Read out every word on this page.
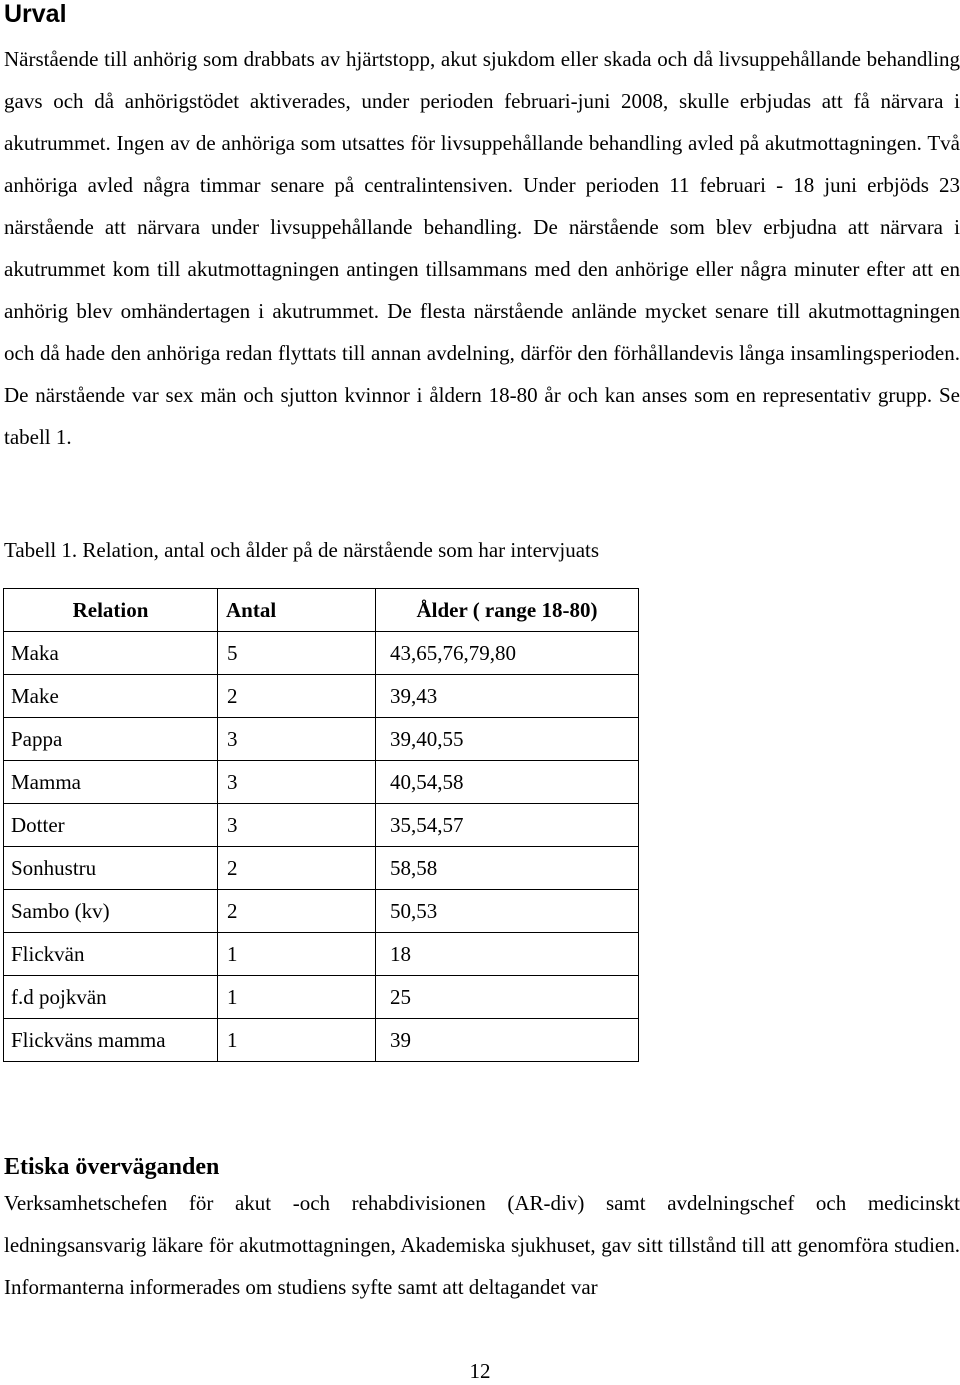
Urval

Närstående till anhörig som drabbats av hjärtstopp, akut sjukdom eller skada och då livsuppehållande behandling gavs och då anhörigstödet aktiverades, under perioden februari-juni 2008, skulle erbjudas att få närvara i akutrummet. Ingen av de anhöriga som utsattes för livsuppehållande behandling avled på akutmottagningen. Två anhöriga avled några timmar senare på centralintensiven. Under perioden 11 februari - 18 juni erbjöds 23 närstående att närvara under livsuppehållande behandling. De närstående som blev erbjudna att närvara i akutrummet kom till akutmottagningen antingen tillsammans med den anhörige eller några minuter efter att en anhörig blev omhändertagen i akutrummet. De flesta närstående anlände mycket senare till akutmottagningen och då hade den anhöriga redan flyttats till annan avdelning, därför den förhållandevis långa insamlingsperioden. De närstående var sex män och sjutton kvinnor i åldern 18-80 år och kan anses som en representativ grupp. Se tabell 1.

Tabell 1. Relation, antal och ålder på de närstående som har intervjuats

Relation	Antal	Ålder ( range 18-80)
Maka	5	43,65,76,79,80
Make	2	39,43
Pappa	3	39,40,55
Mamma	3	40,54,58
Dotter	3	35,54,57
Sonhustru	2	58,58
Sambo (kv)	2	50,53
Flickvän	1	18
f.d pojkvän	1	25
Flickväns mamma	1	39
Etiska överväganden

Verksamhetschefen för akut -och rehabdivisionen (AR-div) samt avdelningschef och medicinskt ledningsansvarig läkare för akutmottagningen, Akademiska sjukhuset, gav sitt tillstånd till att genomföra studien. Informanterna informerades om studiens syfte samt att deltagandet var

12
